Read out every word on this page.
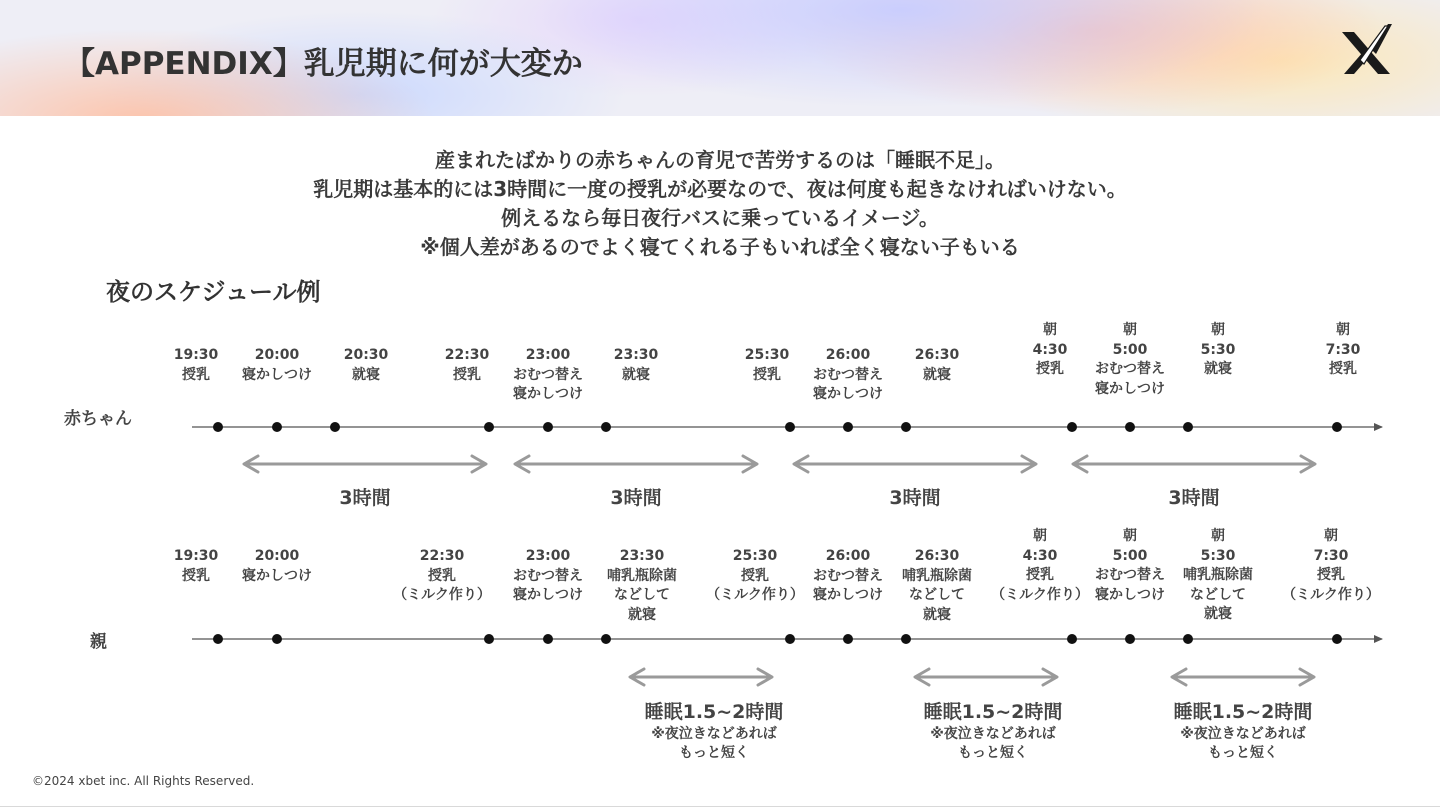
【APPENDIX】乳児期に何が大変か
産まれたばかりの赤ちゃんの育児で苦労するのは「睡眠不足」。
乳児期は基本的には3時間に一度の授乳が必要なので、夜は何度も起きなければいけない。
例えるなら毎日夜行バスに乗っているイメージ。
※個人差があるのでよく寝てくれる子もいれば全く寝ない子もいる
夜のスケジュール例
赤ちゃん
親
19:30
授乳
20:00
寝かしつけ
20:30
就寝
22:30
授乳
23:00
おむつ替え
寝かしつけ
23:30
就寝
25:30
授乳
26:00
おむつ替え
寝かしつけ
26:30
就寝
朝
4:30
授乳
朝
5:00
おむつ替え
寝かしつけ
朝
5:30
就寝
朝
7:30
授乳
19:30
授乳
20:00
寝かしつけ
22:30
授乳
（ミルク作り）
23:00
おむつ替え
寝かしつけ
23:30
哺乳瓶除菌
などして
就寝
25:30
授乳
（ミルク作り）
26:00
おむつ替え
寝かしつけ
26:30
哺乳瓶除菌
などして
就寝
朝
4:30
授乳
（ミルク作り）
朝
5:00
おむつ替え
寝かしつけ
朝
5:30
哺乳瓶除菌
などして
就寝
朝
7:30
授乳
（ミルク作り）
3時間	3時間	3時間	3時間
睡眠1.5~2時間
※夜泣きなどあれば
もっと短く
睡眠1.5~2時間
※夜泣きなどあれば
もっと短く
睡眠1.5~2時間
※夜泣きなどあれば
もっと短く
©2024 xbet inc. All Rights Reserved.
